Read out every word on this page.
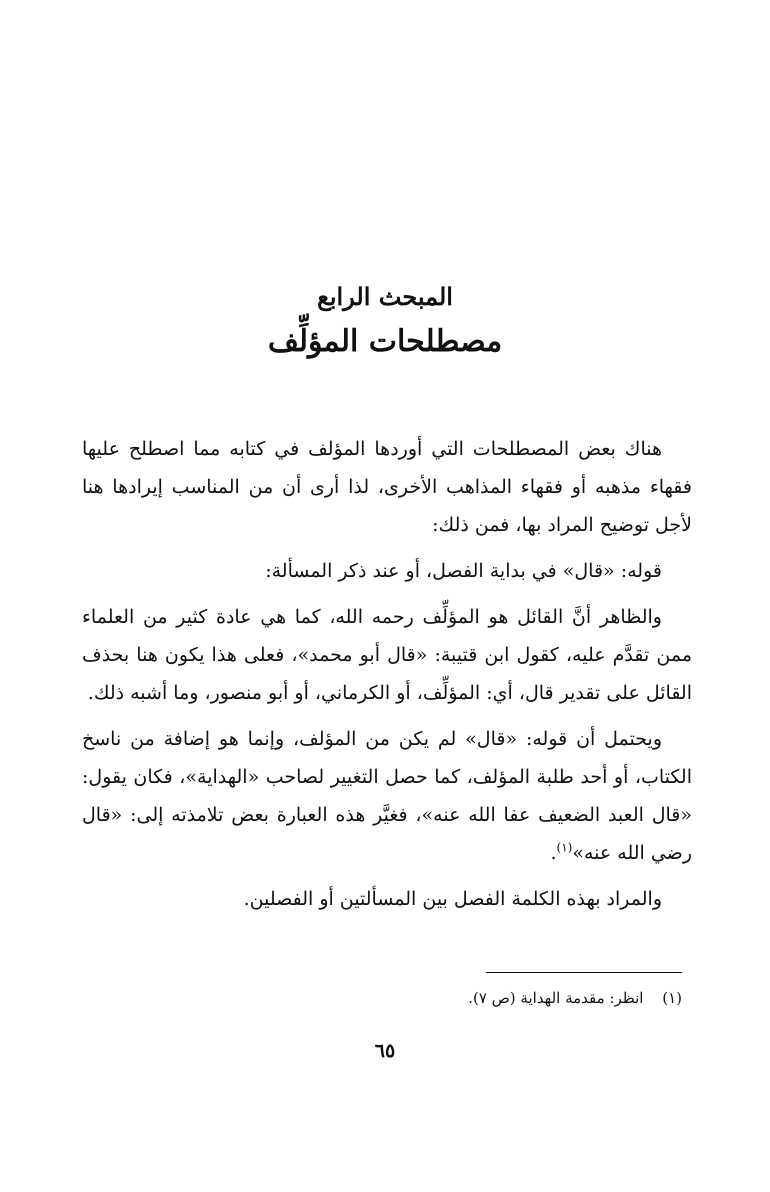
المبحث الرابع

مصطلحات المؤلِّف

هناك بعض المصطلحات التي أوردها المؤلف في كتابه مما اصطلح عليها فقهاء مذهبه أو فقهاء المذاهب الأخرى، لذا أرى أن من المناسب إيرادها هنا لأجل توضيح المراد بها، فمن ذلك:

قوله: «قال» في بداية الفصل، أو عند ذكر المسألة:

والظاهر أنَّ القائل هو المؤلِّف رحمه الله، كما هي عادة كثير من العلماء ممن تقدَّم عليه، كقول ابن قتيبة: «قال أبو محمد»، فعلى هذا يكون هنا بحذف القائل على تقدير قال، أي: المؤلِّف، أو الكرماني، أو أبو منصور، وما أشبه ذلك.

ويحتمل أن قوله: «قال» لم يكن من المؤلف، وإنما هو إضافة من ناسخ الكتاب، أو أحد طلبة المؤلف، كما حصل التغيير لصاحب «الهداية»، فكان يقول: «قال العبد الضعيف عفا الله عنه»، فغيَّر هذه العبارة بعض تلامذته إلى: «قال رضي الله عنه»$^{(١)}$.

والمراد بهذه الكلمة الفصل بين المسألتين أو الفصلين.

(١) انظر: مقدمة الهداية (ص ٧).
٦٥
